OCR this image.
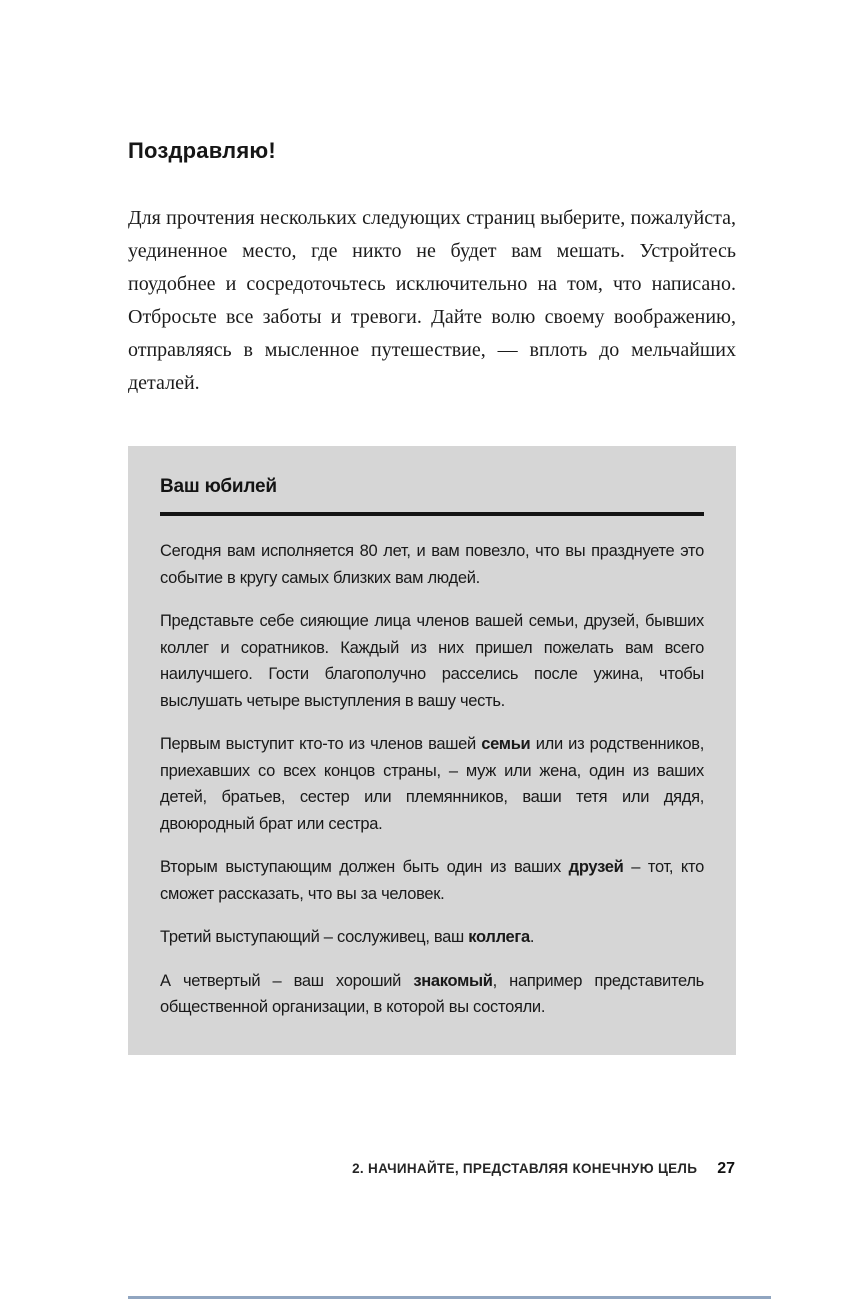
Поздравляю!

Для прочтения нескольких следующих страниц выберите, пожалуйста, уединенное место, где никто не будет вам мешать. Устройтесь поудобнее и сосредоточьтесь исключительно на том, что написано. Отбросьте все заботы и тревоги. Дайте волю своему воображению, отправляясь в мысленное путешествие, — вплоть до мельчайших деталей.

Ваш юбилей

Сегодня вам исполняется 80 лет, и вам повезло, что вы празднуете это событие в кругу самых близких вам людей.

Представьте себе сияющие лица членов вашей семьи, друзей, бывших коллег и соратников. Каждый из них пришел пожелать вам всего наилучшего. Гости благополучно расселись после ужина, чтобы выслушать четыре выступления в вашу честь.

Первым выступит кто-то из членов вашей семьи или из родственников, приехавших со всех концов страны, – муж или жена, один из ваших детей, братьев, сестер или племянников, ваши тетя или дядя, двоюродный брат или сестра.

Вторым выступающим должен быть один из ваших друзей – тот, кто сможет рассказать, что вы за человек.

Третий выступающий – сослуживец, ваш коллега.

А четвертый – ваш хороший знакомый, например представитель общественной организации, в которой вы состояли.

2. НАЧИНАЙТЕ, ПРЕДСТАВЛЯЯ КОНЕЧНУЮ ЦЕЛЬ 27
